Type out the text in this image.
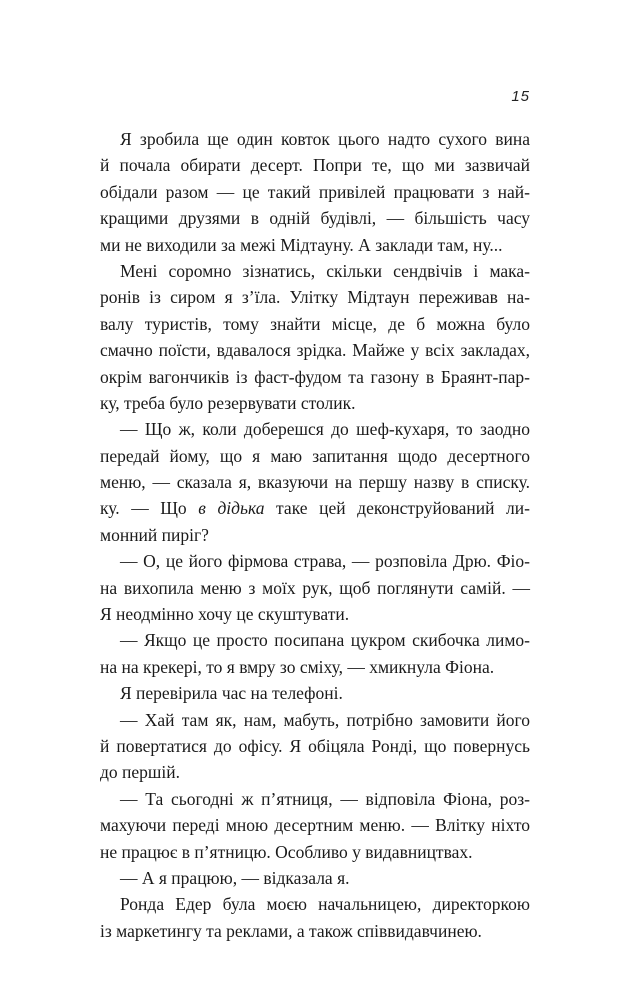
15
Я зробила ще один ковток цього надто сухого вина
й почала обирати десерт. Попри те, що ми зазвичай
обідали разом — це такий привілей працювати з най-
кращими друзями в одній будівлі, — більшість часу
ми не виходили за межі Мідтауну. А заклади там, ну...
Мені соромно зізнатись, скільки сендвічів і мака-
ронів із сиром я з’їла. Улітку Мідтаун переживав на-
валу туристів, тому знайти місце, де б можна було
смачно поїсти, вдавалося зрідка. Майже у всіх закладах,
окрім вагончиків із фаст-фудом та газону в Браянт-пар-
ку, треба було резервувати столик.
— Що ж, коли доберешся до шеф-кухаря, то заодно
передай йому, що я маю запитання щодо десертного
меню, — сказала я, вказуючи на першу назву в списку.
ку. — Що в дідька таке цей деконструйований ли-
монний пиріг?
— О, це його фірмова страва, — розповіла Дрю. Фіо-
на вихопила меню з моїх рук, щоб поглянути самій. —
Я неодмінно хочу це скуштувати.
— Якщо це просто посипана цукром скибочка лимо-
на на крекері, то я вмру зо сміху, — хмикнула Фіона.
Я перевірила час на телефоні.
— Хай там як, нам, мабуть, потрібно замовити його
й повертатися до офісу. Я обіцяла Ронді, що повернусь
до першій.
— Та сьогодні ж п’ятниця, — відповіла Фіона, роз-
махуючи переді мною десертним меню. — Влітку ніхто
не працює в п’ятницю. Особливо у видавництвах.
— А я працюю, — відказала я.
Ронда Едер була моєю начальницею, директоркою
із маркетингу та реклами, а також співвидавчинею.
